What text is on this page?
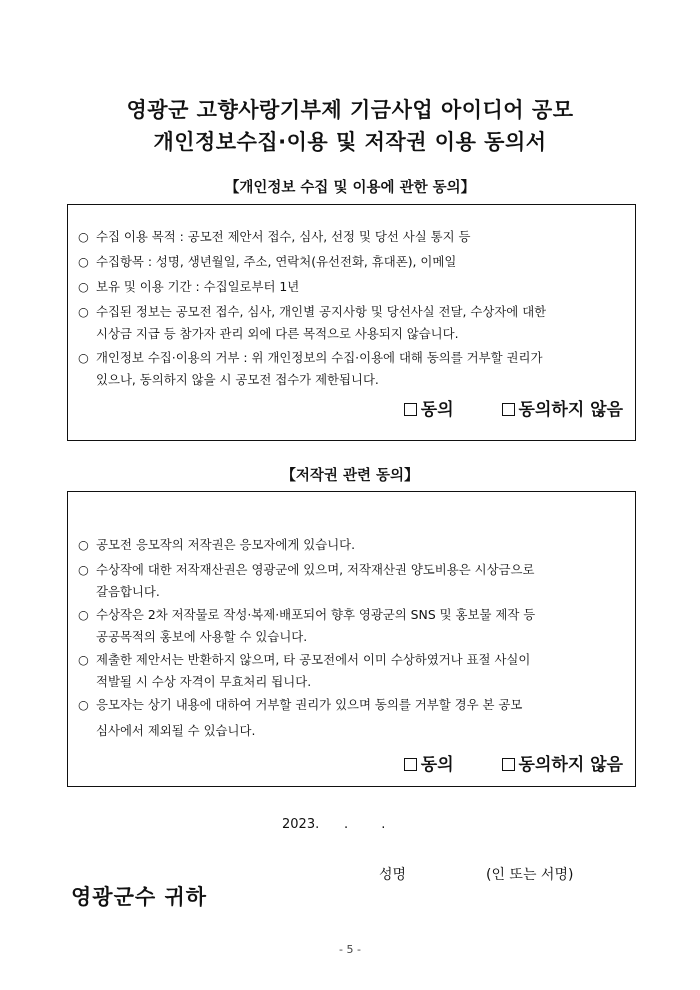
영광군 고향사랑기부제 기금사업 아이디어 공모
개인정보수집·이용 및 저작권 이용 동의서
【개인정보 수집 및 이용에 관한 동의】
○ 수집 이용 목적 : 공모전 제안서 접수, 심사, 선정 및 당선 사실 통지 등
○ 수집항목 : 성명, 생년월일, 주소, 연락처(유선전화, 휴대폰), 이메일
○ 보유 및 이용 기간 : 수집일로부터 1년
○ 수집된 정보는 공모전 접수, 심사, 개인별 공지사항 및 당선사실 전달, 수상자에 대한
시상금 지급 등 참가자 관리 외에 다른 목적으로 사용되지 않습니다.
○ 개인정보 수집·이용의 거부 : 위 개인정보의 수집·이용에 대해 동의를 거부할 권리가
있으나, 동의하지 않을 시 공모전 접수가 제한됩니다.
동의	동의하지 않음
【저작권 관련 동의】
○ 공모전 응모작의 저작권은 응모자에게 있습니다.
○ 수상작에 대한 저작재산권은 영광군에 있으며, 저작재산권 양도비용은 시상금으로
갈음합니다.
○ 수상작은 2차 저작물로 작성·복제·배포되어 향후 영광군의 SNS 및 홍보물 제작 등
공공목적의 홍보에 사용할 수 있습니다.
○ 제출한 제안서는 반환하지 않으며, 타 공모전에서 이미 수상하였거나 표절 사실이
적발될 시 수상 자격이 무효처리 됩니다.
○ 응모자는 상기 내용에 대하여 거부할 권리가 있으며 동의를 거부할 경우 본 공모
심사에서 제외될 수 있습니다.
동의	동의하지 않음
2023.      .        .
성명	(인 또는 서명)
영광군수 귀하
- 5 -
